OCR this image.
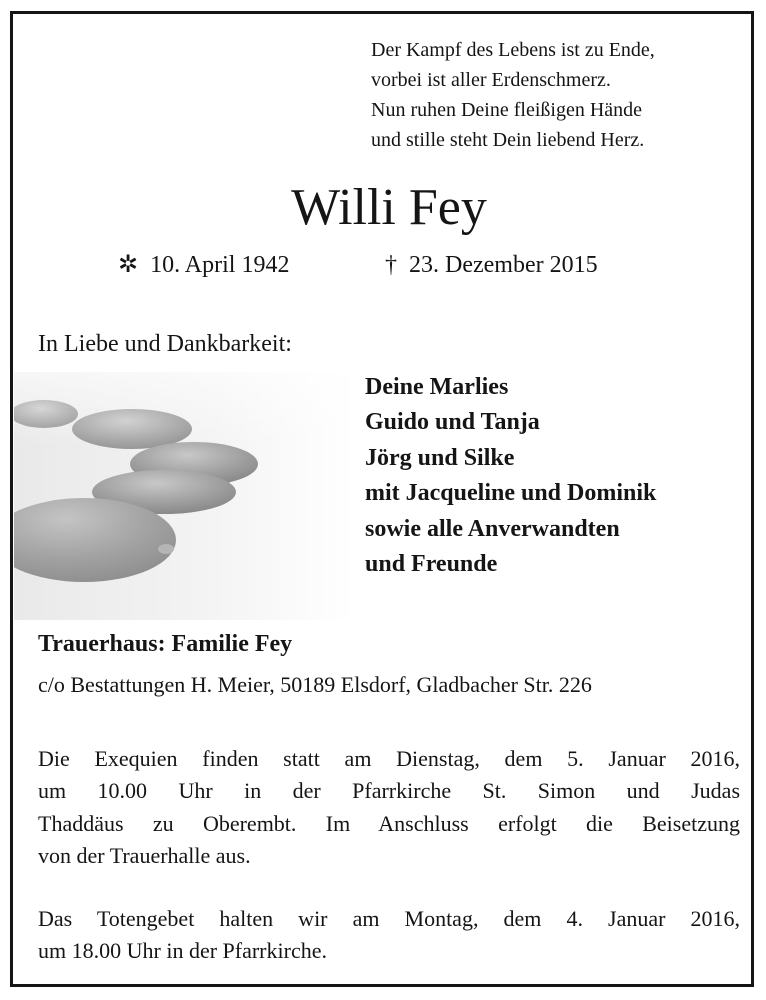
Der Kampf des Lebens ist zu Ende,
vorbei ist aller Erdenschmerz.
Nun ruhen Deine fleißigen Hände
und stille steht Dein liebend Herz.
Willi Fey
✲ 10. April 1942	† 23. Dezember 2015
In Liebe und Dankbarkeit:
Deine Marlies
Guido und Tanja
Jörg und Silke
mit Jacqueline und Dominik
sowie alle Anverwandten
und Freunde
Trauerhaus: Familie Fey
c/o Bestattungen H. Meier, 50189 Elsdorf, Gladbacher Str. 226
Die Exequien finden statt am Dienstag, dem 5. Januar 2016,
um 10.00 Uhr in der Pfarrkirche St. Simon und Judas
Thaddäus zu Oberembt. Im Anschluss erfolgt die Beisetzung
von der Trauerhalle aus.
Das Totengebet halten wir am Montag, dem 4. Januar 2016,
um 18.00 Uhr in der Pfarrkirche.
